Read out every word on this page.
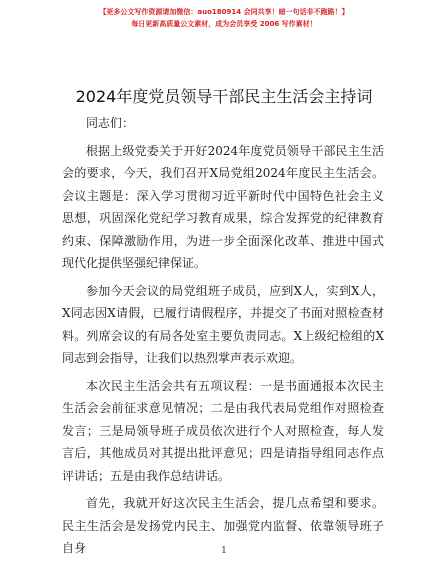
【更多公文写作资源请加微信：auo180914 会同共享！暗一句话非不跑路！】
每日更新高质量公文素材，成为会员享受 2006 写作素材！
2024年度党员领导干部民主生活会主持词

同志们：

根据上级党委关于开好2024年度党员领导干部民主生活会的要求，今天，我们召开X局党组2024年度民主生活会。会议主题是：深入学习贯彻习近平新时代中国特色社会主义思想，巩固深化党纪学习教育成果，综合发挥党的纪律教育约束、保障激励作用，为进一步全面深化改革、推进中国式现代化提供坚强纪律保证。

参加今天会议的局党组班子成员，应到X人，实到X人，X同志因X请假，已履行请假程序，并提交了书面对照检查材料。列席会议的有局各处室主要负责同志。X上级纪检组的X同志到会指导，让我们以热烈掌声表示欢迎。

本次民主生活会共有五项议程：一是书面通报本次民主生活会会前征求意见情况；二是由我代表局党组作对照检查发言；三是局领导班子成员依次进行个人对照检查，每人发言后，其他成员对其提出批评意见；四是请指导组同志作点评讲话；五是由我作总结讲话。

首先，我就开好这次民主生活会，提几点希望和要求。民主生活会是发扬党内民主、加强党内监督、依靠领导班子自身	1
